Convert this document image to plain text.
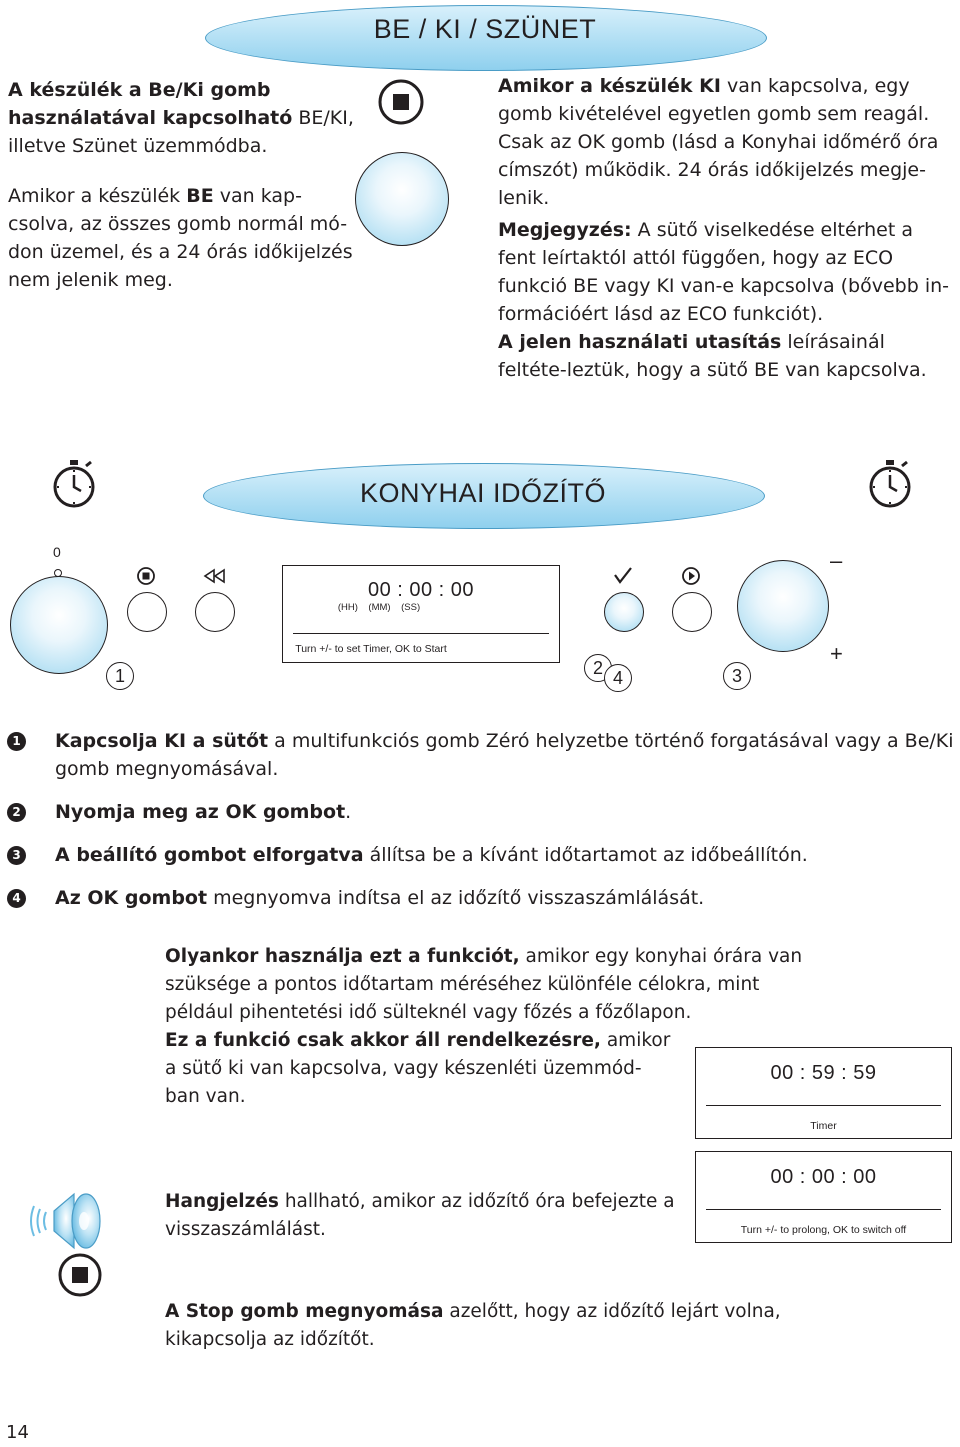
BE / KI / SZÜNET
A készülék a Be/Ki gomb használatával kapcsolható BE/KI, illetve Szünet üzemmódba.
Amikor a készülék BE van kap-csolva, az összes gomb normál mó-don üzemel, és a 24 órás időkijelzés nem jelenik meg.
Amikor a készülék KI van kapcsolva, egy gomb kivételével egyetlen gomb sem reagál. Csak az OK gomb (lásd a Konyhai időmérő óra címszót) működik. 24 órás időkijelzés megje-lenik.
Megjegyzés: A sütő viselkedése eltérhet a fent leírtaktól attól függően, hogy az ECO funkció BE vagy KI van-e kapcsolva (bővebb in-formációért lásd az ECO funkciót).
A jelen használati utasítás leírásainál feltéte-leztük, hogy a sütő BE van kapcsolva.
KONYHAI IDŐZÍTŐ
0
00 : 00 : 00
(HH)    (MM)    (SS)
Turn +/- to set Timer, OK to Start
–
+
1	2 4	3
1 Kapcsolja KI a sütőt a multifunkciós gomb Zéró helyzetbe történő forgatásával vagy a Be/Ki gomb megnyomásával.
2 Nyomja meg az OK gombot.
3 A beállító gombot elforgatva állítsa be a kívánt időtartamot az időbeállítón.
4 Az OK gombot megnyomva indítsa el az időzítő visszaszámlálását.
Olyankor használja ezt a funkciót, amikor egy konyhai órára van szüksége a pontos időtartam méréséhez különféle célokra, mint például pihentetési idő sülteknél vagy főzés a főzőlapon.
Ez a funkció csak akkor áll rendelkezésre, amikor a sütő ki van kapcsolva, vagy készenléti üzemmód-ban van.
00 : 59 : 59
Timer
00 : 00 : 00
Turn +/- to prolong, OK to switch off
Hangjelzés hallható, amikor az időzítő óra befejezte a visszaszámlálást.
A Stop gomb megnyomása azelőtt, hogy az időzítő lejárt volna, kikapcsolja az időzítőt.
14
